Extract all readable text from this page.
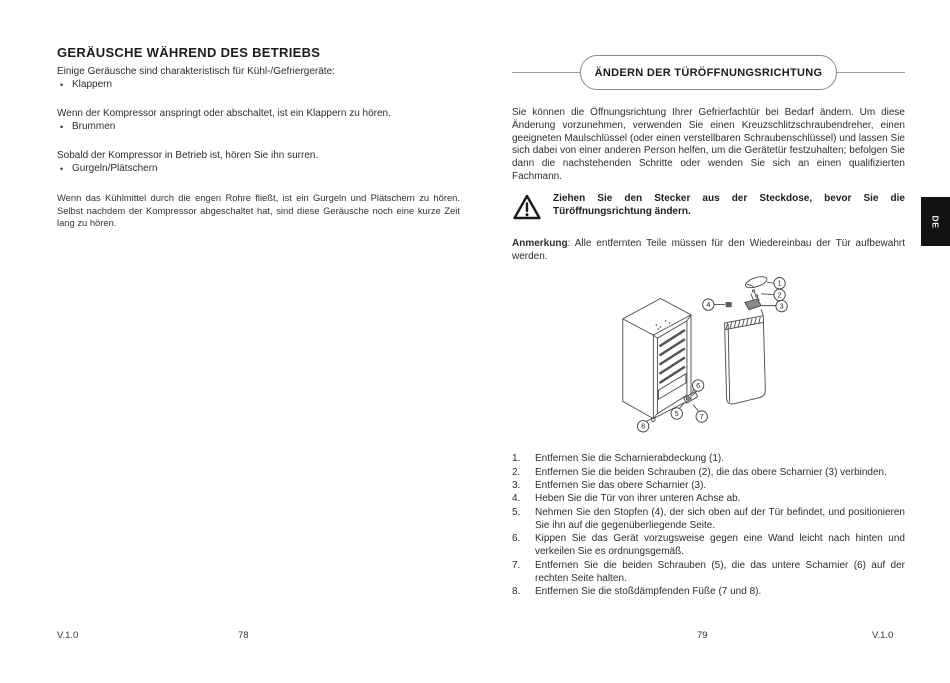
GERÄUSCHE WÄHREND DES BETRIEBS
Einige Geräusche sind charakteristisch für Kühl-/Gefriergeräte:
• Klappern
Wenn der Kompressor anspringt oder abschaltet, ist ein Klappern zu hören.
• Brummen
Sobald der Kompressor in Betrieb ist, hören Sie ihn surren.
• Gurgeln/Plätschern
Wenn das Kühlmittel durch die engen Rohre fließt, ist ein Gurgeln und Plätschern zu hören. Selbst nachdem der Kompressor abgeschaltet hat, sind diese Geräusche noch eine kurze Zeit lang zu hören.
ÄNDERN DER TÜRÖFFNUNGSRICHTUNG
Sie können die Öffnungsrichtung Ihrer Gefrierfachtür bei Bedarf ändern. Um diese Änderung vorzunehmen, verwenden Sie einen Kreuzschlitzschraubendreher, einen geeigneten Maulschlüssel (oder einen verstellbaren Schraubenschlüssel) und lassen Sie sich dabei von einer anderen Person helfen, um die Gerätetür festzuhalten; befolgen Sie dann die nachstehenden Schritte oder wenden Sie sich an einen qualifizierten Fachmann.
Ziehen Sie den Stecker aus der Steckdose, bevor Sie die Türöffnungsrichtung ändern.
Anmerkung: Alle entfernten Teile müssen für den Wiedereinbau der Tür aufbewahrt werden.
1
2
3
4
5
6
7
8
1.	Entfernen Sie die Scharnierabdeckung (1).
2.	Entfernen Sie die beiden Schrauben (2), die das obere Scharnier (3) verbinden.
3.	Entfernen Sie das obere Scharnier (3).
4.	Heben Sie die Tür von ihrer unteren Achse ab.
5.	Nehmen Sie den Stopfen (4), der sich oben auf der Tür befindet, und positionieren Sie ihn auf die gegenüberliegende Seite.
6.	Kippen Sie das Gerät vorzugsweise gegen eine Wand leicht nach hinten und verkeilen Sie es ordnungsgemäß.
7.	Entfernen Sie die beiden Schrauben (5), die das untere Scharnier (6) auf der rechten Seite halten.
8.	Entfernen Sie die stoßdämpfenden Füße (7 und 8).
V.1.0	78	79	V.1.0
DE
